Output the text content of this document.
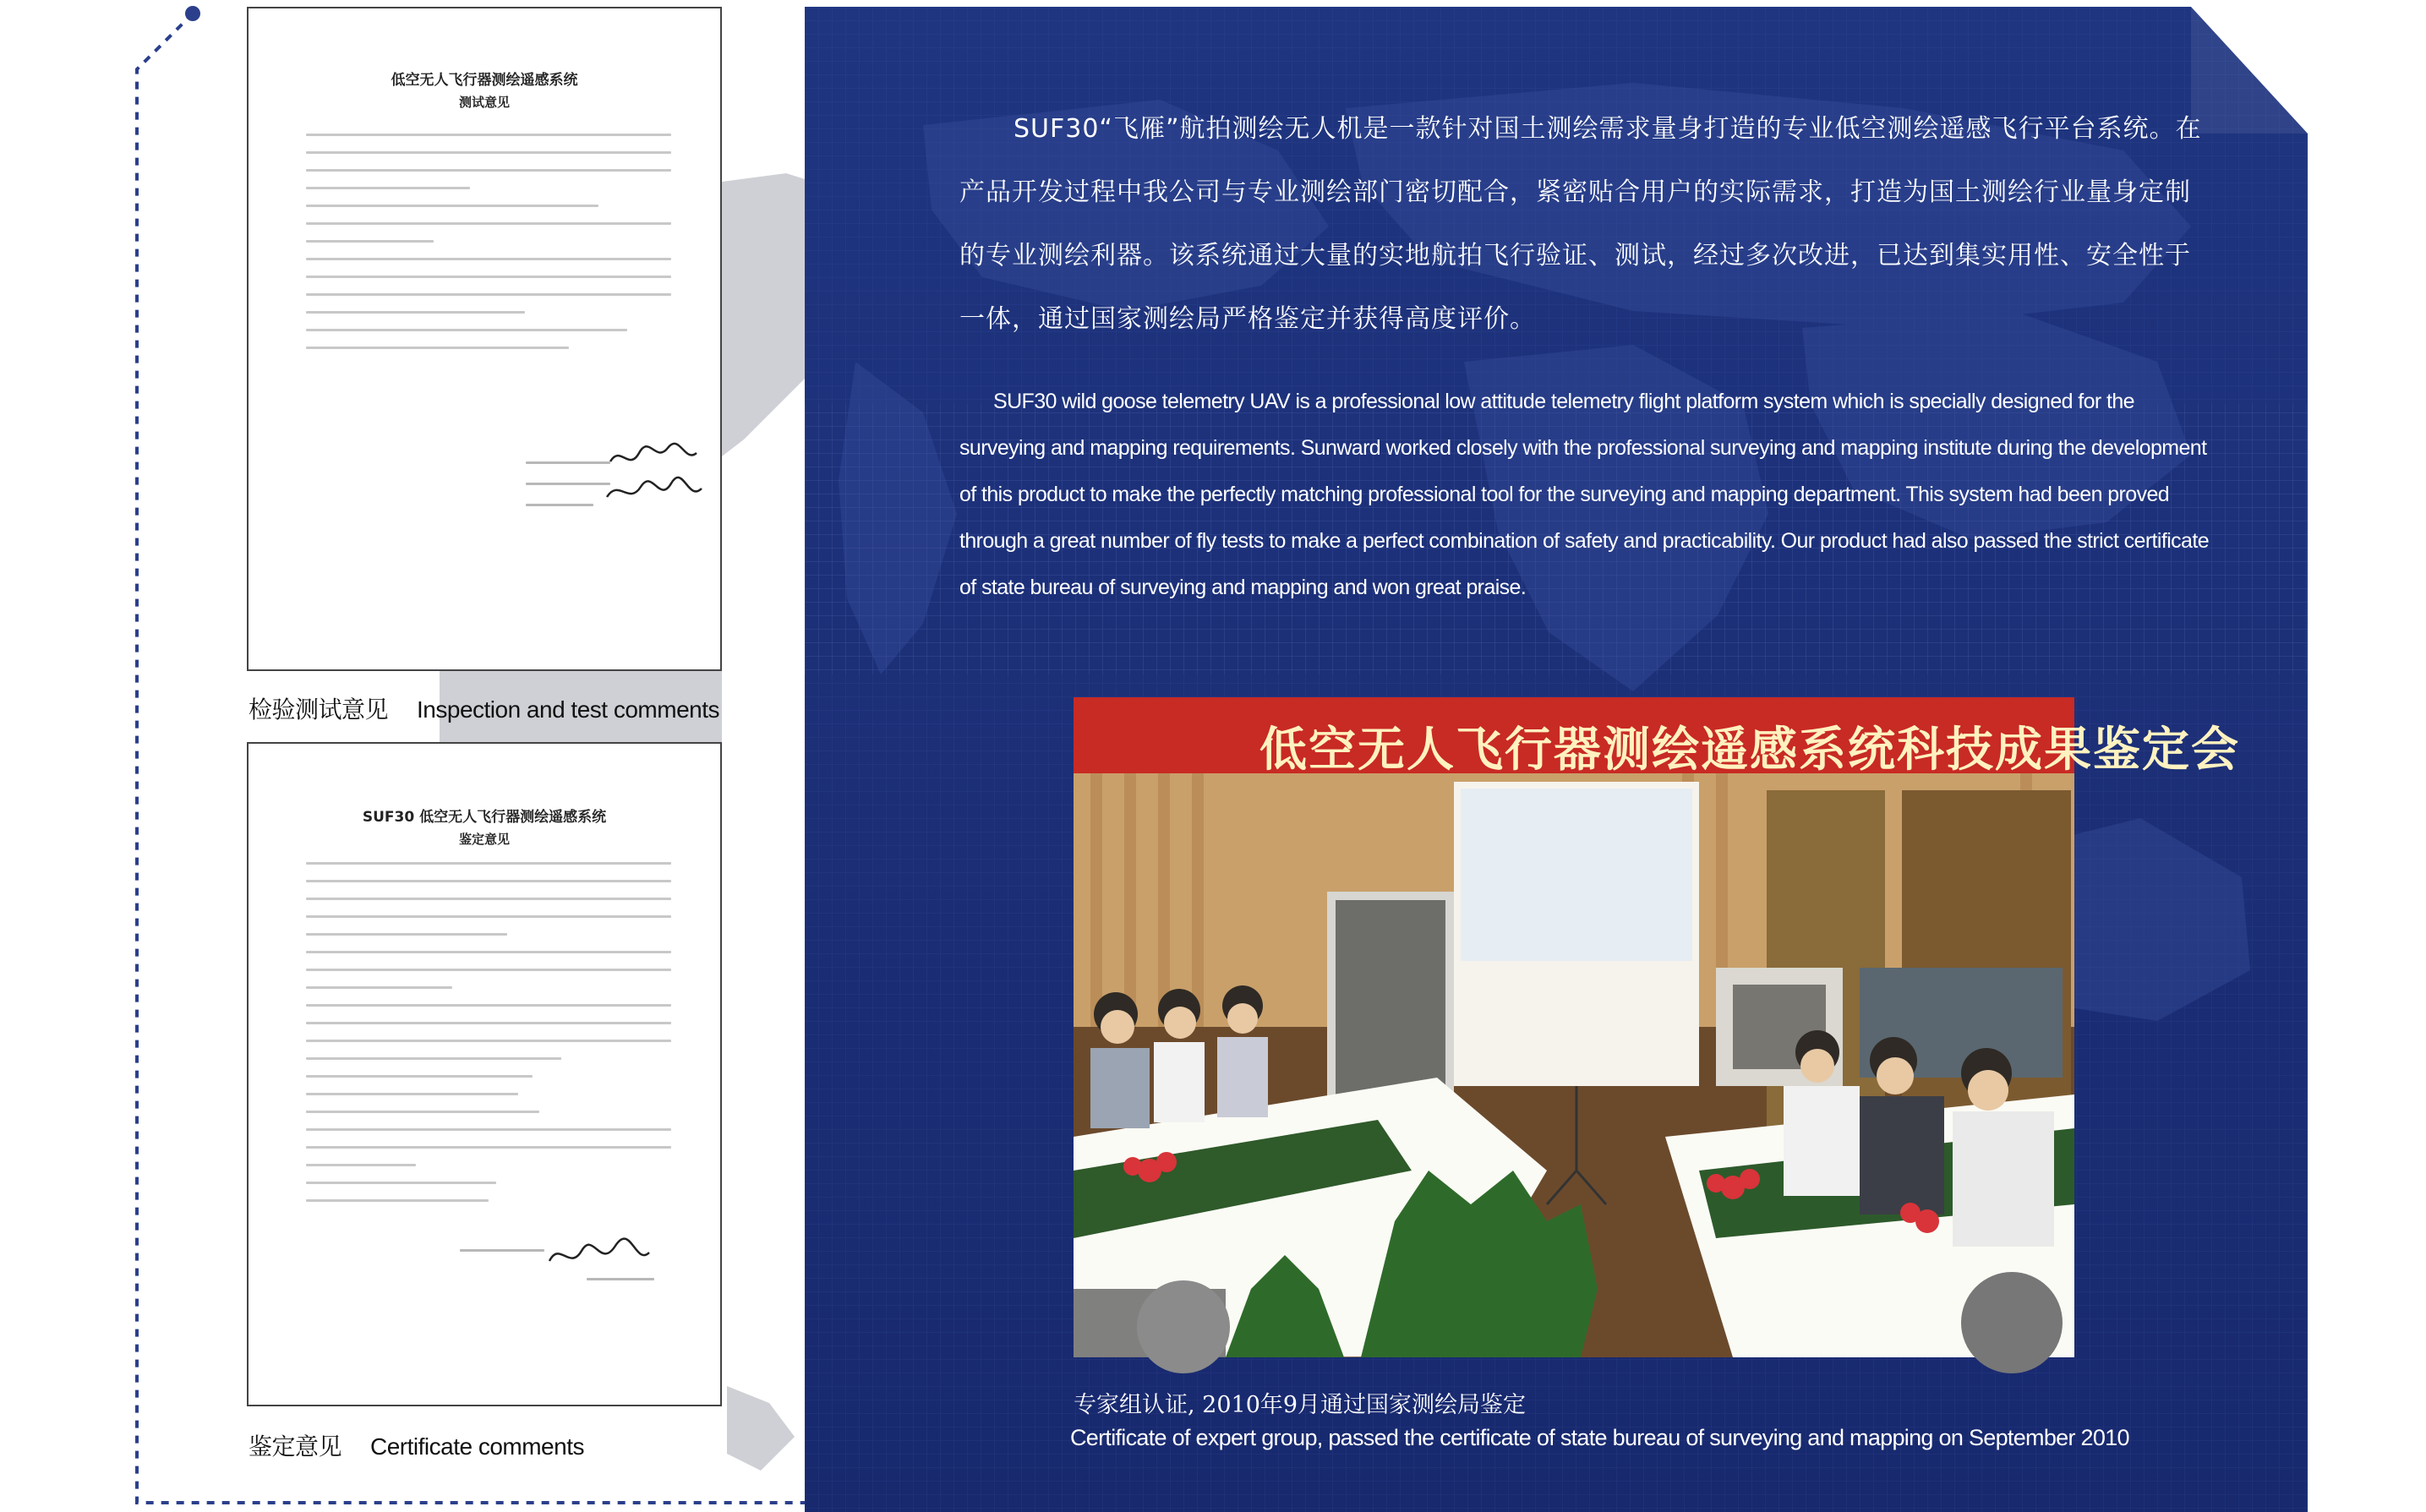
低空无人飞行器测绘遥感系统
测试意见
检验测试意见 Inspection and test comments
SUF30 低空无人飞行器测绘遥感系统
鉴定意见
鉴定意见 Certificate comments

SUF30“飞雁”航拍测绘无人机是一款针对国土测绘需求量身打造的专业低空测绘遥感飞行平台系统。在产品开发过程中我公司与专业测绘部门密切配合，紧密贴合用户的实际需求，打造为国土测绘行业量身定制的专业测绘利器。该系统通过大量的实地航拍飞行验证、测试，经过多次改进，已达到集实用性、安全性于一体，通过国家测绘局严格鉴定并获得高度评价。

SUF30 wild goose telemetry UAV is a professional low attitude telemetry flight platform system which is specially designed for the surveying and mapping requirements. Sunward worked closely with the professional surveying and mapping institute during the development of this product to make the perfectly matching professional tool for the surveying and mapping department. This system had been proved through a great number of fly tests to make a perfect combination of safety and practicability. Our product had also passed the strict certificate of state bureau of surveying and mapping and won great praise.

低空无人飞行器测绘遥感系统科技成果鉴定会
专家组认证, 2010年9月通过国家测绘局鉴定
Certificate of expert group, passed the certificate of state bureau of surveying and mapping on September 2010
